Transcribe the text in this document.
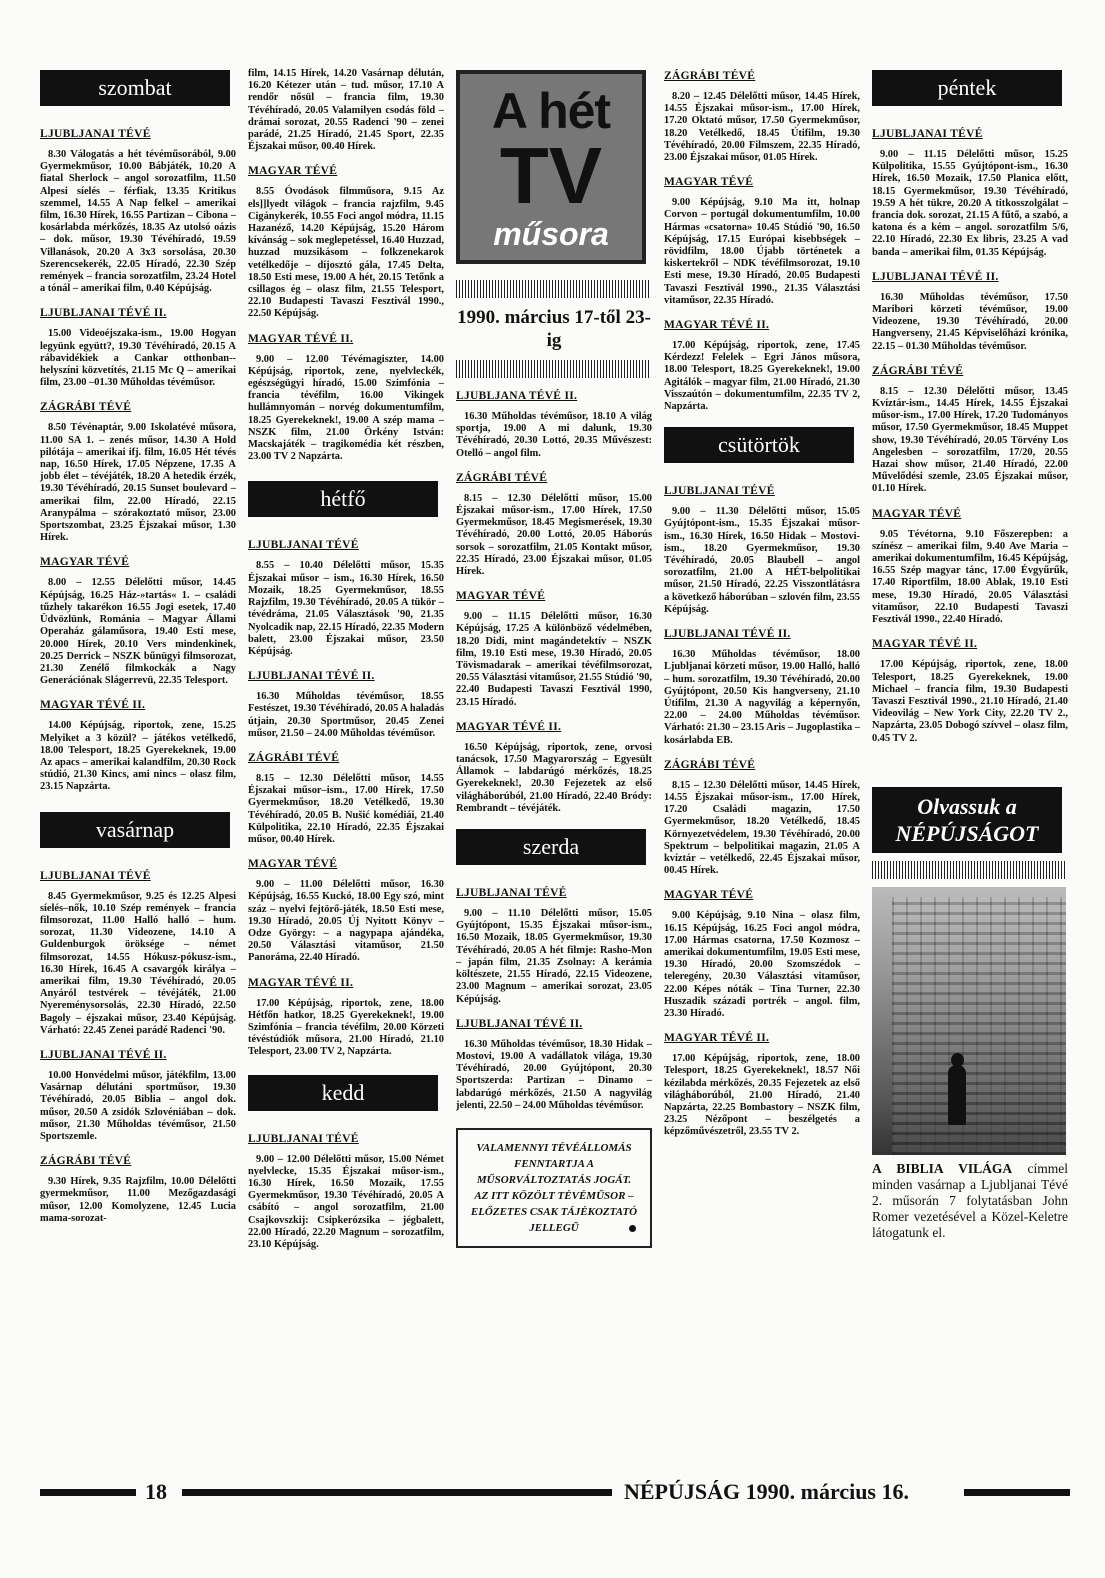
szombat
LJUBLJANAI TÉVÉ
8.30 Válogatás a hét tévéműsorából, 9.00 Gyermekműsor, 10.00 Bábjáték, 10.20 A fiatal Sherlock – angol sorozatfilm, 11.50 Alpesi síelés – férfiak, 13.35 Kritikus szemmel, 14.55 A Nap felkel – amerikai film, 16.30 Hírek, 16.55 Partizan – Cibona – kosárlabda mérkőzés, 18.35 Az utolsó oázis – dok. műsor, 19.30 Tévéhíradó, 19.59 Villanások, 20.20 A 3x3 sorsolása, 20.30 Szerencsekerék, 22.05 Híradó, 22.30 Szép remények – francia sorozatfilm, 23.24 Hotel a tónál – amerikai film, 0.40 Képújság.
LJUBLJANAI TÉVÉ II.
15.00 Videoéjszaka-ism., 19.00 Hogyan legyünk együtt?, 19.30 Tévéhíradó, 20.15 A rábavidékiek a Cankar otthonban--helyszíni közvetítés, 21.15 Mc Q – amerikai film, 23.00 –01.30 Műholdas tévéműsor.
ZÁGRÁBI TÉVÉ
8.50 Tévénaptár, 9.00 Iskolatévé műsora, 11.00 SA 1. – zenés műsor, 14.30 A Hold pilótája – amerikai ifj. film, 16.05 Hét tévés nap, 16.50 Hírek, 17.05 Népzene, 17.35 A jobb élet – tévéjáték, 18.20 A hetedik érzék, 19.30 Tévéhíradó, 20.15 Sunset boulevard – amerikai film, 22.00 Híradó, 22.15 Aranypálma – szórakoztató műsor, 23.00 Sportszombat, 23.25 Éjszakai műsor, 1.30 Hírek.
MAGYAR TÉVÉ
8.00 – 12.55 Délelőtti műsor, 14.45 Képújság, 16.25 Ház-»tartás« 1. – családi tűzhely takarékon 16.55 Jogi esetek, 17.40 Üdvözlünk, Románia – Magyar Állami Operaház gálaműsora, 19.40 Esti mese, 20.000 Hírek, 20.10 Vers mindenkinek, 20.25 Derrick – NSZK bűnügyi filmsorozat, 21.30 Zenélő filmkockák a Nagy Generációnak Slágerrevü, 22.35 Telesport.
MAGYAR TÉVÉ II.
14.00 Képújság, riportok, zene, 15.25 Melyiket a 3 közül? – játékos vetélkedő, 18.00 Telesport, 18.25 Gyerekeknek, 19.00 Az apacs – amerikai kalandfilm, 20.30 Rock stúdió, 21.30 Kincs, ami nincs – olasz film, 23.15 Napzárta.
vasárnap
LJUBLJANAI TÉVÉ
8.45 Gyermekműsor, 9.25 és 12.25 Alpesi síelés–nők, 10.10 Szép remények – francia filmsorozat, 11.00 Halló halló – hum. sorozat, 11.30 Videozene, 14.10 A Guldenburgok öröksége – német filmsorozat, 14.55 Hókusz-pókusz-ism., 16.30 Hírek, 16.45 A csavargók királya – amerikai film, 19.30 Tévéhíradó, 20.05 Anyáról testvérek – tévéjáték, 21.00 Nyereménysorsolás, 22.30 Híradó, 22.50 Bagoly – éjszakai műsor, 23.40 Képújság. Várható: 22.45 Zenei parádé Radenci '90.
LJUBLJANAI TÉVÉ II.
10.00 Honvédelmi műsor, játékfilm, 13.00 Vasárnap délutáni sportműsor, 19.30 Tévéhíradó, 20.05 Biblia – angol dok. műsor, 20.50 A zsidók Szlovéniában – dok. műsor, 21.30 Műholdas tévéműsor, 21.50 Sportszemle.
ZÁGRÁBI TÉVÉ
9.30 Hírek, 9.35 Rajzfilm, 10.00 Délelőtti gyermekműsor, 11.00 Mezőgazdasági műsor, 12.00 Komolyzene, 12.45 Lucia mama-sorozat-
film, 14.15 Hírek, 14.20 Vasárnap délután, 16.20 Kétezer után – tud. műsor, 17.10 A rendőr nősül – francia film, 19.30 Tévéhíradó, 20.05 Valamilyen csodás föld – drámai sorozat, 20.55 Radenci '90 – zenei parádé, 21.25 Híradó, 21.45 Sport, 22.35 Éjszakai műsor, 00.40 Hírek.
MAGYAR TÉVÉ
8.55 Óvodások filmműsora, 9.15 Az els]]lyedt világok – francia rajzfilm, 9.45 Cigánykerék, 10.55 Foci angol módra, 11.15 Hazanéző, 14.20 Képújság, 15.20 Három kívánság – sok meglepetéssel, 16.40 Huzzad, huzzad muzsikásom – folkzenekarok vetélkedője – díjosztó gála, 17.45 Delta, 18.50 Esti mese, 19.00 A hét, 20.15 Tetőnk a csillagos ég – olasz film, 21.55 Telesport, 22.10 Budapesti Tavaszi Fesztivál 1990., 22.50 Képújság.
MAGYAR TÉVÉ II.
9.00 – 12.00 Tévémagiszter, 14.00 Képújság, riportok, zene, nyelvleckék, egészségügyi híradó, 15.00 Szimfónia – francia tévéfilm, 16.00 Vikingek hullámnyomán – norvég dokumentumfilm, 18.25 Gyerekeknek!, 19.00 A szép mama – NSZK film, 21.00 Örkény István: Macskajáték – tragikomédia két részben, 23.00 TV 2 Napzárta.
hétfő
LJUBLJANAI TÉVÉ
8.55 – 10.40 Délelőtti műsor, 15.35 Éjszakai műsor – ism., 16.30 Hírek, 16.50 Mozaik, 18.25 Gyermekműsor, 18.55 Rajzfilm, 19.30 Tévéhíradó, 20.05 A tükör – tévédráma, 21.05 Választások '90, 21.35 Nyolcadik nap, 22.15 Híradó, 22.35 Modern balett, 23.00 Éjszakai műsor, 23.50 Képújság.
LJUBLJANAI TÉVÉ II.
16.30 Műholdas tévéműsor, 18.55 Festészet, 19.30 Tévéhíradó, 20.05 A haladás útjain, 20.30 Sportműsor, 20.45 Zenei műsor, 21.50 – 24.00 Műholdas tévéműsor.
ZÁGRÁBI TÉVÉ
8.15 – 12.30 Délelőtti műsor, 14.55 Éjszakai műsor–ism., 17.00 Hírek, 17.50 Gyermekműsor, 18.20 Vetélkedő, 19.30 Tévéhíradó, 20.05 B. Nušić komédiái, 21.40 Külpolitika, 22.10 Híradó, 22.35 Éjszakai műsor, 00.40 Hírek.
MAGYAR TÉVÉ
9.00 – 11.00 Délelőtti műsor, 16.30 Képújság, 16.55 Kuckó, 18.00 Egy szó, mint száz – nyelvi fejtörő-játék, 18.50 Esti mese, 19.30 Híradó, 20.05 Új Nyitott Könyv – Odze György: – a nagypapa ajándéka, 20.50 Választási vitaműsor, 21.50 Panoráma, 22.40 Híradó.
MAGYAR TÉVÉ II.
17.00 Képújság, riportok, zene, 18.00 Hétfőn hatkor, 18.25 Gyerekeknek!, 19.00 Szimfónia – francia tévéfilm, 20.00 Körzeti tévéstúdiók műsora, 21.00 Híradó, 21.10 Telesport, 23.00 TV 2, Napzárta.
kedd
LJUBLJANAI TÉVÉ
9.00 – 12.00 Délelőtti műsor, 15.00 Német nyelvlecke, 15.35 Éjszakai műsor-ism., 16.30 Hírek, 16.50 Mozaik, 17.55 Gyermekműsor, 19.30 Tévéhíradó, 20.05 A csábító – angol sorozatfilm, 21.00 Csajkovszkij: Csipkerózsika – jégbalett, 22.00 Híradó, 22.20 Magnum – sorozatfilm, 23.10 Képújság.
A hét
TV
műsora
1990. március 17-től 23-ig
LJUBLJANA TÉVÉ II.
16.30 Műholdas tévéműsor, 18.10 A világ sportja, 19.00 A mi dalunk, 19.30 Tévéhíradó, 20.30 Lottó, 20.35 Művészest: Otelló – angol film.
ZÁGRÁBI TÉVÉ
8.15 – 12.30 Délelőtti műsor, 15.00 Éjszakai műsor-ism., 17.00 Hírek, 17.50 Gyermekműsor, 18.45 Megismerések, 19.30 Tévéhíradó, 20.00 Lottó, 20.05 Háborús sorsok – sorozatfilm, 21.05 Kontakt műsor, 22.35 Híradó, 23.00 Éjszakai műsor, 01.05 Hírek.
MAGYAR TÉVÉ
9.00 – 11.15 Délelőtti műsor, 16.30 Képújság, 17.25 A különböző védelmében, 18.20 Didi, mint magándetektív – NSZK film, 19.10 Esti mese, 19.30 Híradó, 20.05 Tövismadarak – amerikai tévéfilmsorozat, 20.55 Választási vitaműsor, 21.55 Stúdió '90, 22.40 Budapesti Tavaszi Fesztivál 1990, 23.15 Híradó.
MAGYAR TÉVÉ II.
16.50 Képújság, riportok, zene, orvosi tanácsok, 17.50 Magyarország – Egyesült Államok – labdarúgó mérkőzés, 18.25 Gyerekeknek!, 20.30 Fejezetek az első világháborúból, 21.00 Híradó, 22.40 Bródy: Rembrandt – tévéjáték.
szerda
LJUBLJANAI TÉVÉ
9.00 – 11.10 Délelőtti műsor, 15.05 Gyújtópont, 15.35 Éjszakai műsor-ism., 16.50 Mozaik, 18.05 Gyermekműsor, 19.30 Tévéhíradó, 20.05 A hét filmje: Rasho-Mon – japán film, 21.35 Zsolnay: A kerámia költészete, 21.55 Híradó, 22.15 Videozene, 23.00 Magnum – amerikai sorozat, 23.05 Képújság.
LJUBLJANAI TÉVÉ II.
16.30 Műholdas tévéműsor, 18.30 Hidak – Mostovi, 19.00 A vadállatok világa, 19.30 Tévéhíradó, 20.00 Gyújtópont, 20.30 Sportszerda: Partizan – Dinamo – labdarúgó mérkőzés, 21.50 A nagyvilág jelenti, 22.50 – 24.00 Műholdas tévéműsor.
VALAMENNYI TÉVÉÁLLOMÁS FENNTARTJA A MŰSORVÁLTOZTATÁS JOGÁT. AZ ITT KÖZÖLT TÉVÉMŰSOR – ELŐZETES CSAK TÁJÉKOZTATÓ JELLEGŰ
ZÁGRÁBI TÉVÉ
8.20 – 12.45 Délelőtti műsor, 14.45 Hírek, 14.55 Éjszakai műsor-ism., 17.00 Hírek, 17.20 Oktató műsor, 17.50 Gyermekműsor, 18.20 Vetélkedő, 18.45 Útifilm, 19.30 Tévéhíradó, 20.00 Filmszem, 22.35 Híradó, 23.00 Éjszakai műsor, 01.05 Hírek.
MAGYAR TÉVÉ
9.00 Képújság, 9.10 Ma itt, holnap Corvon – portugál dokumentumfilm, 10.00 Hármas «csatorna» 10.45 Stúdió '90, 16.50 Képújság, 17.15 Európai kisebbségek – rövidfilm, 18.00 Újabb történetek a kiskertekről – NDK tévéfilmsorozat, 19.10 Esti mese, 19.30 Híradó, 20.05 Budapesti Tavaszi Fesztivál 1990., 21.35 Választási vitaműsor, 22.35 Híradó.
MAGYAR TÉVÉ II.
17.00 Képújság, riportok, zene, 17.45 Kérdezz! Felelek – Egri János műsora, 18.00 Telesport, 18.25 Gyerekeknek!, 19.00 Agitálók – magyar film, 21.00 Híradó, 21.30 Visszaútón – dokumentumfilm, 22.35 TV 2, Napzárta.
csütörtök
LJUBLJANAI TÉVÉ
9.00 – 11.30 Délelőtti műsor, 15.05 Gyújtópont-ism., 15.35 Éjszakai műsor-ism., 16.30 Hírek, 16.50 Hidak – Mostovi-ism., 18.20 Gyermekműsor, 19.30 Tévéhíradó, 20.05 Blaubell – angol sorozatfilm, 21.00 A HÉT-belpolitikai műsor, 21.50 Híradó, 22.25 Visszontlátásra a következő háborúban – szlovén film, 23.55 Képújság.
LJUBLJANAI TÉVÉ II.
16.30 Műholdas tévéműsor, 18.00 Ljubljanai körzeti műsor, 19.00 Halló, halló – hum. sorozatfilm, 19.30 Tévéhíradó, 20.00 Gyújtópont, 20.50 Kis hangverseny, 21.10 Útifilm, 21.30 A nagyvilág a képernyőn, 22.00 – 24.00 Műholdas tévéműsor. Várható: 21.30 – 23.15 Aris – Jugoplastika – kosárlabda EB.
ZÁGRÁBI TÉVÉ
8.15 – 12.30 Délelőtti műsor, 14.45 Hírek, 14.55 Éjszakai műsor-ism., 17.00 Hírek, 17.20 Családi magazin, 17.50 Gyermekműsor, 18.20 Vetélkedő, 18.45 Környezetvédelem, 19.30 Tévéhíradó, 20.00 Spektrum – belpolitikai magazin, 21.05 A kvíztár – vetélkedő, 22.45 Éjszakai műsor, 00.45 Hírek.
MAGYAR TÉVÉ
9.00 Képújság, 9.10 Nina – olasz film, 16.15 Képújság, 16.25 Foci angol módra, 17.00 Hármas csatorna, 17.50 Kozmosz – amerikai dokumentumfilm, 19.05 Esti mese, 19.30 Híradó, 20.00 Szomszédok – teleregény, 20.30 Választási vitaműsor, 22.00 Képes nóták – Tina Turner, 22.30 Huszadik századi portrék – angol. film, 23.30 Híradó.
MAGYAR TÉVÉ II.
17.00 Képújság, riportok, zene, 18.00 Telesport, 18.25 Gyerekeknek!, 18.57 Női kézilabda mérkőzés, 20.35 Fejezetek az első világháborúból, 21.00 Híradó, 21.40 Napzárta, 22.25 Bombastory – NSZK film, 23.25 Nézőpont – beszélgetés a képzőművészetről, 23.55 TV 2.
péntek
LJUBLJANAI TÉVÉ
9.00 – 11.15 Délelőtti műsor, 15.25 Külpolitika, 15.55 Gyújtópont-ism., 16.30 Hírek, 16.50 Mozaik, 17.50 Planica előtt, 18.15 Gyermekműsor, 19.30 Tévéhíradó, 19.59 A hét tükre, 20.20 A titkosszolgálat – francia dok. sorozat, 21.15 A fűtő, a szabó, a katona és a kém – angol. sorozatfilm 5/6, 22.10 Híradó, 22.30 Ex libris, 23.25 A vad banda – amerikai film, 01.35 Képújság.
LJUBLJANAI TÉVÉ II.
16.30 Műholdas tévéműsor, 17.50 Maribori körzeti tévéműsor, 19.00 Videozene, 19.30 Tévéhíradó, 20.00 Hangverseny, 21.45 Képviselőházi krónika, 22.15 – 01.30 Műholdas tévéműsor.
ZÁGRÁBI TÉVÉ
8.15 – 12.30 Délelőtti műsor, 13.45 Kvíztár-ism., 14.45 Hírek, 14.55 Éjszakai műsor-ism., 17.00 Hírek, 17.20 Tudományos műsor, 17.50 Gyermekműsor, 18.45 Muppet show, 19.30 Tévéhíradó, 20.05 Törvény Los Angelesben – sorozatfilm, 17/20, 20.55 Hazai show műsor, 21.40 Híradó, 22.00 Művelődési szemle, 23.05 Éjszakai műsor, 01.10 Hírek.
MAGYAR TÉVÉ
9.05 Tévétorna, 9.10 Főszerepben: a színész – amerikai film, 9.40 Ave Maria – amerikai dokumentumfilm, 16.45 Képújság, 16.55 Szép magyar tánc, 17.00 Évgyűrűk, 17.40 Riportfilm, 18.00 Ablak, 19.10 Esti mese, 19.30 Híradó, 20.05 Választási vitaműsor, 22.10 Budapesti Tavaszi Fesztivál 1990., 22.40 Híradó.
MAGYAR TÉVÉ II.
17.00 Képújság, riportok, zene, 18.00 Telesport, 18.25 Gyerekeknek, 19.00 Michael – francia film, 19.30 Budapesti Tavaszi Fesztivál 1990., 21.10 Híradó, 21.40 Videovilág – New York City, 22.20 TV 2., Napzárta, 23.05 Dobogó szívvel – olasz film, 0.45 TV 2.
Olvassuk a NÉPÚJSÁGOT
A BIBLIA VILÁGA címmel minden vasárnap a Ljubljanai Tévé 2. műsorán 7 folytatásban John Romer vezetésével a Közel-Keletre látogatunk el.
18	NÉPÚJSÁG 1990. március 16.
